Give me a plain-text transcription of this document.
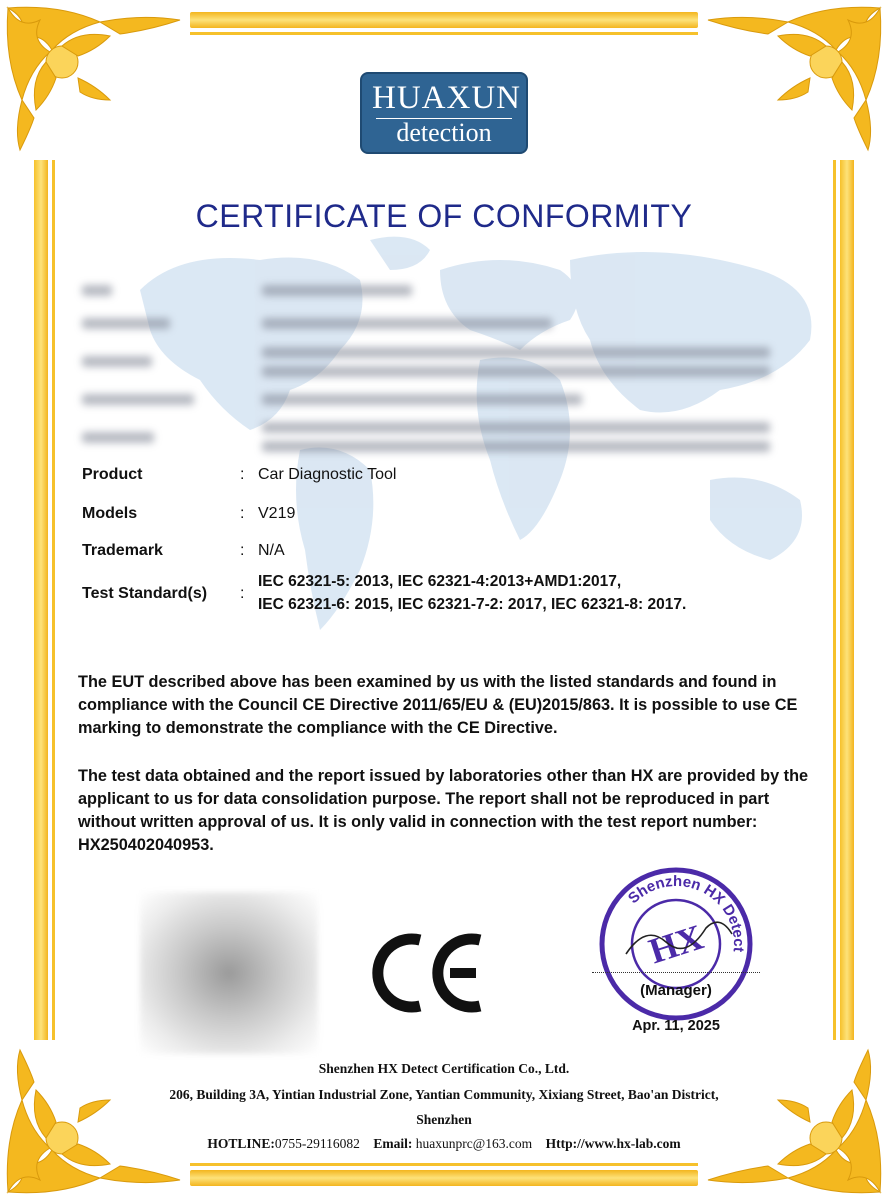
HUAXUN
detection
CERTIFICATE OF CONFORMITY
Product	: Car Diagnostic Tool
Models	: V219
Trademark	: N/A
Test Standard(s) :
IEC 62321-5: 2013, IEC 62321-4:2013+AMD1:2017,
IEC 62321-6: 2015, IEC 62321-7-2: 2017, IEC 62321-8: 2017.

The EUT described above has been examined by us with the listed standards and found in compliance with the Council CE Directive 2011/65/EU & (EU)2015/863. It is possible to use CE marking to demonstrate the compliance with the CE Directive.

The test data obtained and the report issued by laboratories other than HX are provided by the applicant to us for data consolidation purpose. The report shall not be reproduced in part without written approval of us. It is only valid in connection with the test report number: HX250402040953.

Shenzhen HX Detect
HX
(Manager)
Apr. 11, 2025
Shenzhen HX Detect Certification Co., Ltd.
206, Building 3A, Yintian Industrial Zone, Yantian Community, Xixiang Street, Bao'an District,
Shenzhen
HOTLINE:0755-29116082 Email: huaxunprc@163.com Http://www.hx-lab.com
